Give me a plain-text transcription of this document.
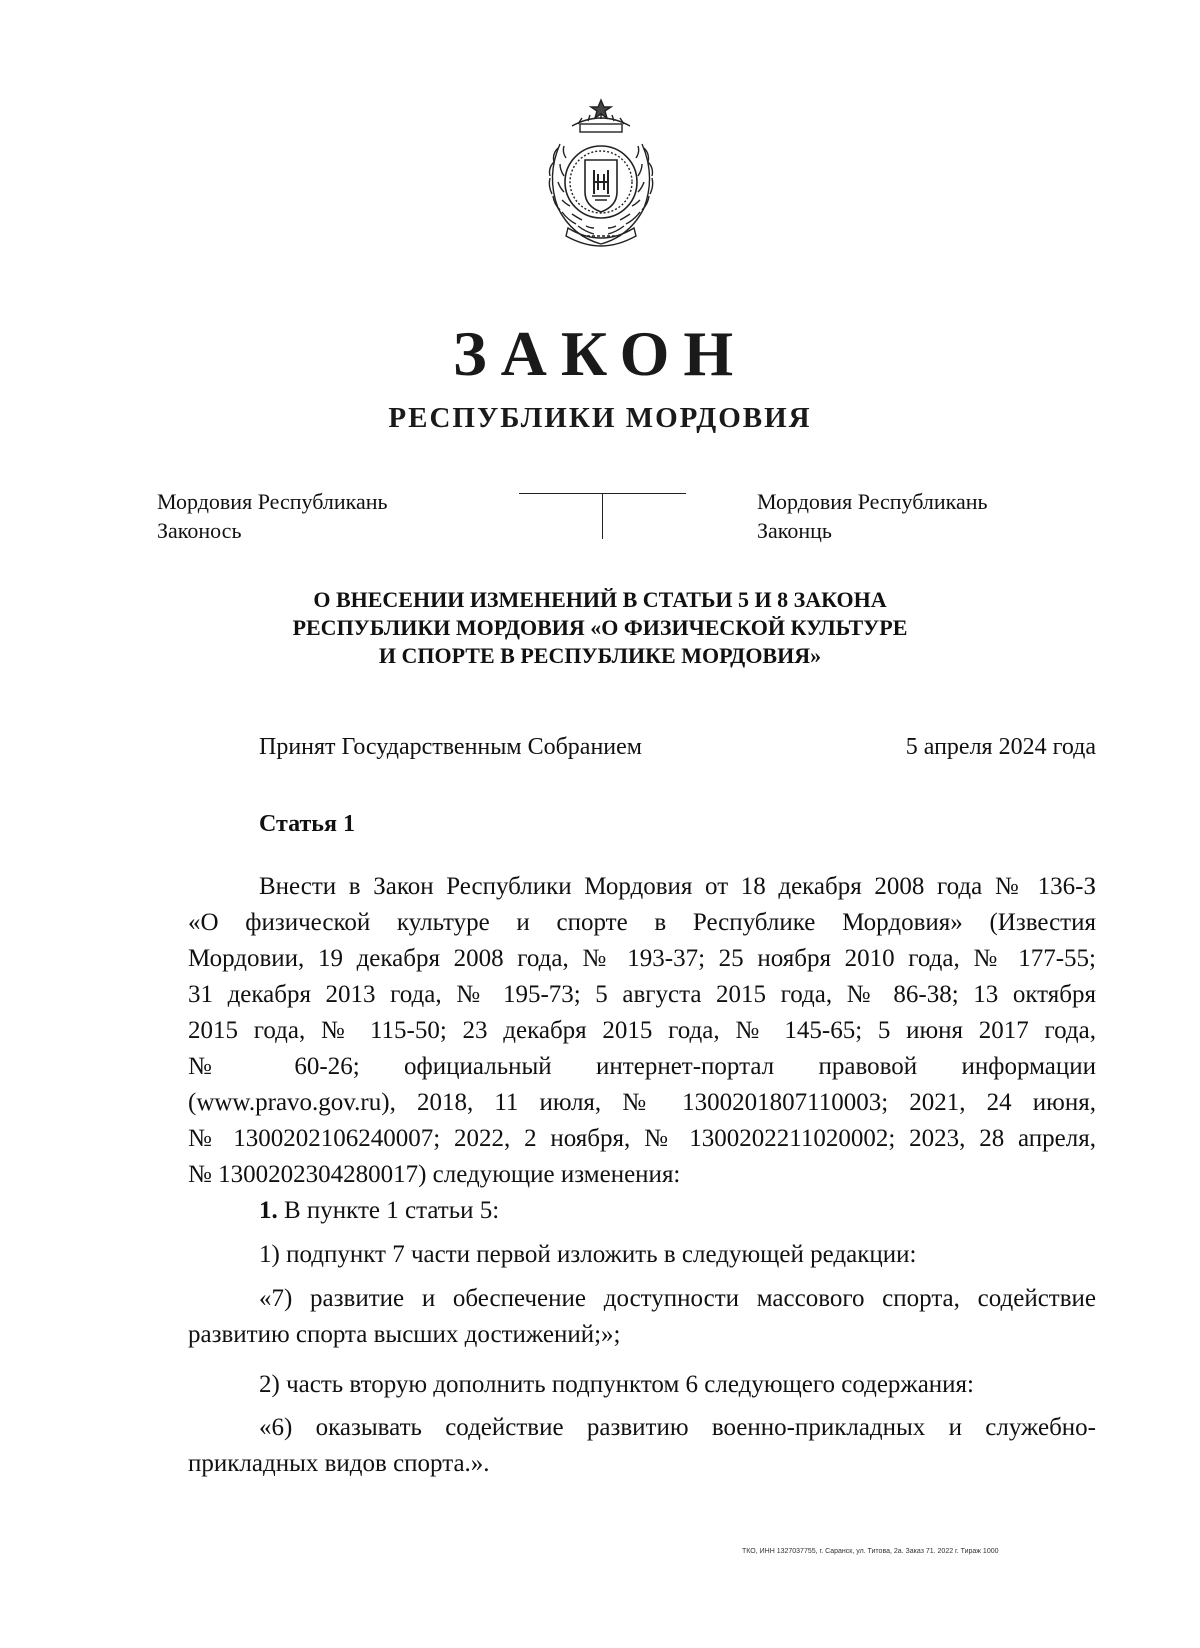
ЗАКОН
РЕСПУБЛИКИ МОРДОВИЯ
Мордовия Республикань
Законось
Мордовия Республикань
Законць
О ВНЕСЕНИИ ИЗМЕНЕНИЙ В СТАТЬИ 5 И 8 ЗАКОНА
РЕСПУБЛИКИ МОРДОВИЯ «О ФИЗИЧЕСКОЙ КУЛЬТУРЕ
И СПОРТЕ В РЕСПУБЛИКЕ МОРДОВИЯ»
Принят Государственным Собранием	5 апреля 2024 года
Статья 1
Внести в Закон Республики Мордовия от 18 декабря 2008 года № 136-З
«О физической культуре и спорте в Республике Мордовия» (Известия
Мордовии, 19 декабря 2008 года, № 193-37; 25 ноября 2010 года, № 177-55;
31 декабря 2013 года, № 195-73; 5 августа 2015 года, № 86-38; 13 октября
2015 года, № 115-50; 23 декабря 2015 года, № 145-65; 5 июня 2017 года,
№ 60-26; официальный интернет-портал правовой информации
(www.pravo.gov.ru), 2018, 11 июля, № 1300201807110003; 2021, 24 июня,
№ 1300202106240007; 2022, 2 ноября, № 1300202211020002; 2023, 28 апреля,
№ 1300202304280017) следующие изменения:
1. В пункте 1 статьи 5:
1) подпункт 7 части первой изложить в следующей редакции:
«7) развитие и обеспечение доступности массового спорта, содействие
развитию спорта высших достижений;»;
2) часть вторую дополнить подпунктом 6 следующего содержания:
«6) оказывать содействие развитию военно-прикладных и служебно-
прикладных видов спорта.».
ТКО, ИНН 1327037755, г. Саранск, ул. Титова, 2а. Заказ 71. 2022 г. Тираж 1000
